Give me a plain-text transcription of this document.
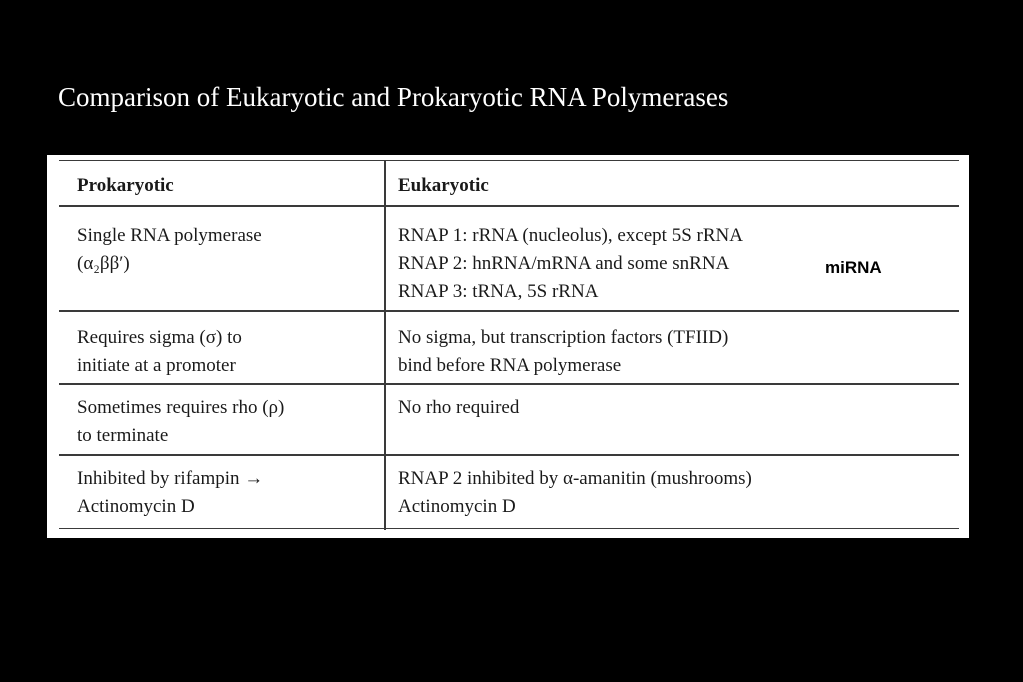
Comparison of Eukaryotic and Prokaryotic RNA Polymerases
Prokaryotic	Eukaryotic
Single RNA polymerase
(α₂ββ′)
RNAP 1: rRNA (nucleolus), except 5S rRNA
RNAP 2: hnRNA/mRNA and some snRNA
RNAP 3: tRNA, 5S rRNA
miRNA
Requires sigma (σ) to
initiate at a promoter
No sigma, but transcription factors (TFIID)
bind before RNA polymerase
Sometimes requires rho (ρ)
to terminate
No rho required
Inhibited by rifampin →
Actinomycin D
RNAP 2 inhibited by α-amanitin (mushrooms)
Actinomycin D
